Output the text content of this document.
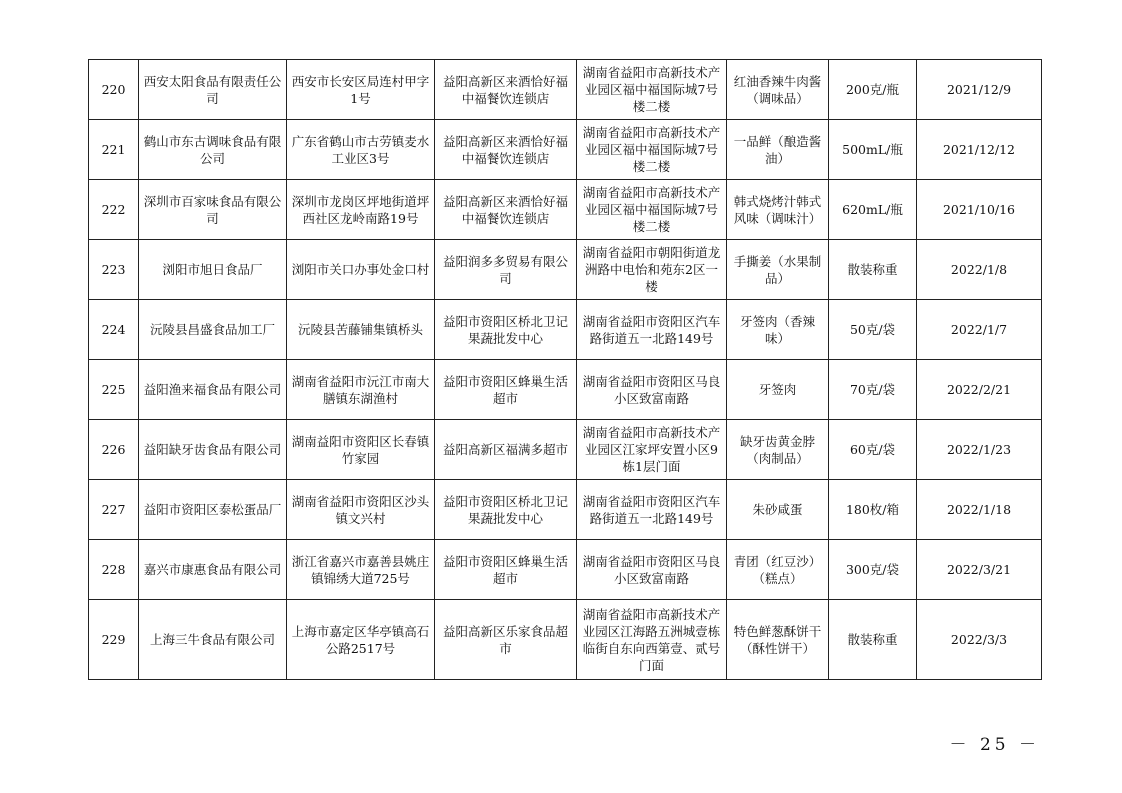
220	西安太阳食品有限责任公司	西安市长安区局连村甲字1号	益阳高新区来酒恰好福中福餐饮连锁店	湖南省益阳市高新技术产业园区福中福国际城7号楼二楼	红油香辣牛肉酱（调味品）	200克/瓶	2021/12/9
221	鹤山市东古调味食品有限公司	广东省鹤山市古劳镇麦水工业区3号	益阳高新区来酒恰好福中福餐饮连锁店	湖南省益阳市高新技术产业园区福中福国际城7号楼二楼	一品鲜（酿造酱油）	500mL/瓶	2021/12/12
222	深圳市百家味食品有限公司	深圳市龙岗区坪地街道坪西社区龙岭南路19号	益阳高新区来酒恰好福中福餐饮连锁店	湖南省益阳市高新技术产业园区福中福国际城7号楼二楼	韩式烧烤汁韩式风味（调味汁）	620mL/瓶	2021/10/16
223	浏阳市旭日食品厂	浏阳市关口办事处金口村	益阳润多多贸易有限公司	湖南省益阳市朝阳街道龙洲路中电怡和苑东2区一楼	手撕姜（水果制品）	散装称重	2022/1/8
224	沅陵县昌盛食品加工厂	沅陵县苦藤铺集镇桥头	益阳市资阳区桥北卫记果蔬批发中心	湖南省益阳市资阳区汽车路街道五一北路149号	牙签肉（香辣味）	50克/袋	2022/1/7
225	益阳渔来福食品有限公司	湖南省益阳市沅江市南大膳镇东湖渔村	益阳市资阳区蜂巢生活超市	湖南省益阳市资阳区马良小区致富南路	牙签肉	70克/袋	2022/2/21
226	益阳缺牙齿食品有限公司	湖南益阳市资阳区长春镇竹家园	益阳高新区福满多超市	湖南省益阳市高新技术产业园区江家坪安置小区9栋1层门面	缺牙齿黄金脖（肉制品）	60克/袋	2022/1/23
227	益阳市资阳区泰松蛋品厂	湖南省益阳市资阳区沙头镇文兴村	益阳市资阳区桥北卫记果蔬批发中心	湖南省益阳市资阳区汽车路街道五一北路149号	朱砂咸蛋	180枚/箱	2022/1/18
228	嘉兴市康惠食品有限公司	浙江省嘉兴市嘉善县姚庄镇锦绣大道725号	益阳市资阳区蜂巢生活超市	湖南省益阳市资阳区马良小区致富南路	青团（红豆沙）（糕点）	300克/袋	2022/3/21
229	上海三牛食品有限公司	上海市嘉定区华亭镇高石公路2517号	益阳高新区乐家食品超市	湖南省益阳市高新技术产业园区江海路五洲城壹栋临街自东向西第壹、贰号门面	特色鲜葱酥饼干（酥性饼干）	散装称重	2022/3/3
－ 25 －
